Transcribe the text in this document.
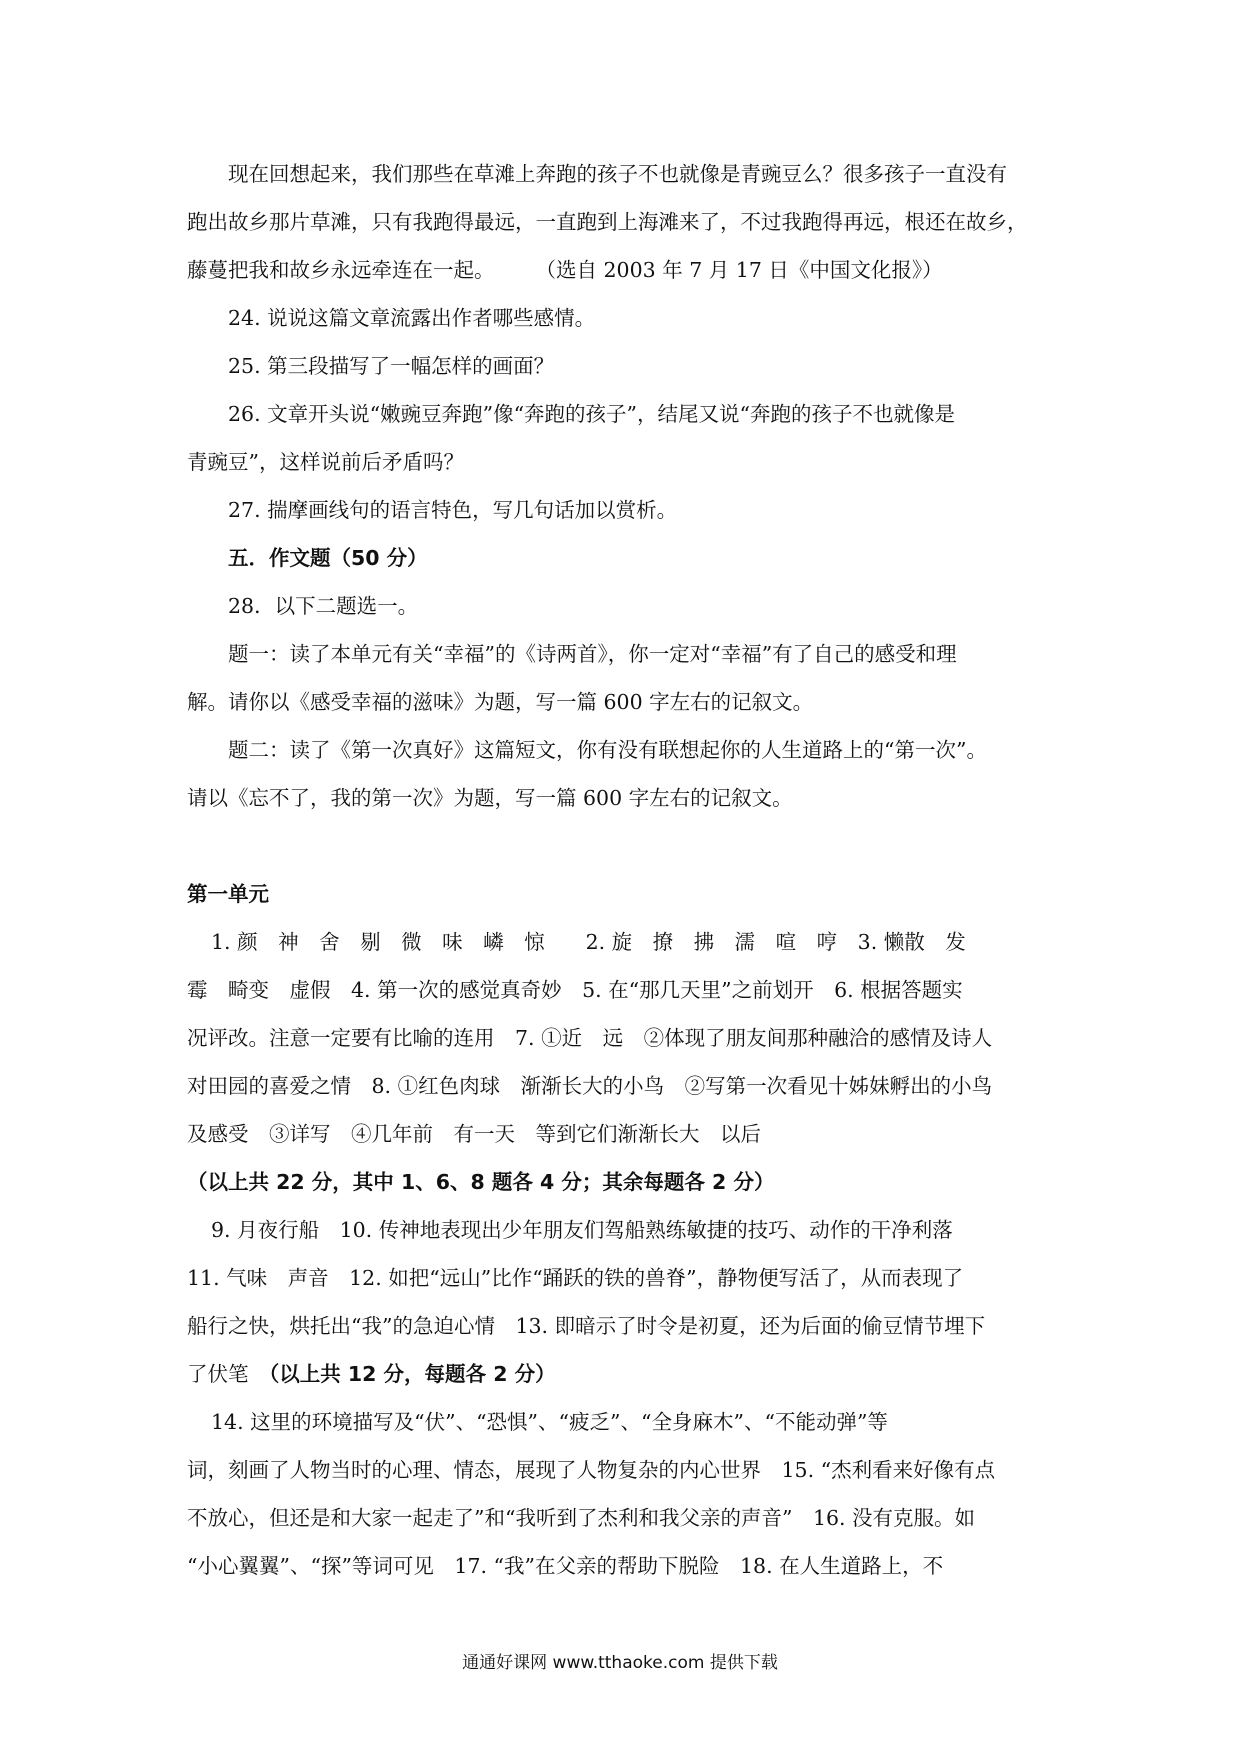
现在回想起来，我们那些在草滩上奔跑的孩子不也就像是青豌豆么？很多孩子一直没有
跑出故乡那片草滩，只有我跑得最远，一直跑到上海滩来了，不过我跑得再远，根还在故乡，
藤蔓把我和故乡永远牵连在一起。　　　（选自 2003 年 7 月 17 日《中国文化报》）
24. 说说这篇文章流露出作者哪些感情。
25. 第三段描写了一幅怎样的画面？
26. 文章开头说“嫩豌豆奔跑”像“奔跑的孩子”，结尾又说“奔跑的孩子不也就像是
青豌豆”，这样说前后矛盾吗？
27. 揣摩画线句的语言特色，写几句话加以赏析。
五．作文题（50 分）
28．以下二题选一。
题一：读了本单元有关“幸福”的《诗两首》，你一定对“幸福”有了自己的感受和理
解。请你以《感受幸福的滋味》为题，写一篇 600 字左右的记叙文。
题二：读了《第一次真好》这篇短文，你有没有联想起你的人生道路上的“第一次”。
请以《忘不了，我的第一次》为题，写一篇 600 字左右的记叙文。
第一单元
1. 颜　神　舍　剔　微　味　嶙　惊　　2. 旋　撩　拂　濡　喧　哼　3. 懒散　发
霉　畸变　虚假　4. 第一次的感觉真奇妙　5. 在“那几天里”之前划开　6. 根据答题实
况评改。注意一定要有比喻的连用　7. ①近　远　②体现了朋友间那种融洽的感情及诗人
对田园的喜爱之情　8. ①红色肉球　渐渐长大的小鸟　②写第一次看见十姊妹孵出的小鸟
及感受　③详写　④几年前　有一天　等到它们渐渐长大　以后
（以上共 22 分，其中 1、6、8 题各 4 分；其余每题各 2 分）
9. 月夜行船　10. 传神地表现出少年朋友们驾船熟练敏捷的技巧、动作的干净利落
11. 气味　声音　12. 如把“远山”比作“踊跃的铁的兽脊”，静物便写活了，从而表现了
船行之快，烘托出“我”的急迫心情　13. 即暗示了时令是初夏，还为后面的偷豆情节埋下
了伏笔　（以上共 12 分，每题各 2 分）
14. 这里的环境描写及“伏”、“恐惧”、“疲乏”、“全身麻木”、“不能动弹”等
词，刻画了人物当时的心理、情态，展现了人物复杂的内心世界　15. “杰利看来好像有点
不放心，但还是和大家一起走了”和“我听到了杰利和我父亲的声音”　16. 没有克服。如
“小心翼翼”、“探”等词可见　17. “我”在父亲的帮助下脱险　18. 在人生道路上，不
通通好课网 www.tthaoke.com 提供下载
